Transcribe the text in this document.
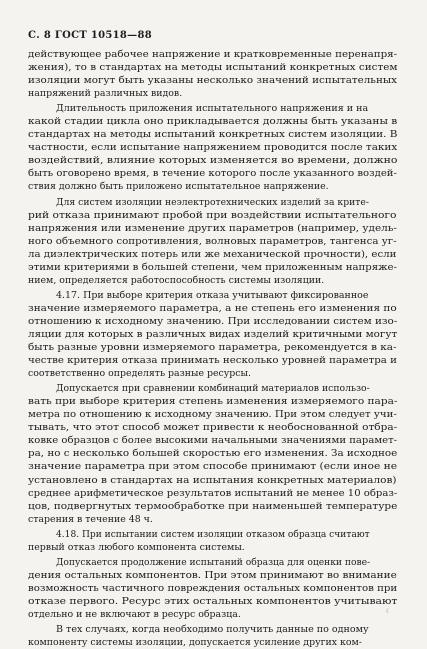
С. 8 ГОСТ 10518—88
действующее рабочее напряжение и кратковременные перенапря-
жения), то в стандартах на методы испытаний конкретных систем
изоляции могут быть указаны несколько значений испытательных
напряжений различных видов.
Длительность приложения испытательного напряжения и на
какой стадии цикла оно прикладывается должны быть указаны в
стандартах на методы испытаний конкретных систем изоляции. В
частности, если испытание напряжением проводится после таких
воздействий, влияние которых изменяется во времени, должно
быть оговорено время, в течение которого после указанного воздей-
ствия должно быть приложено испытательное напряжение.
Для систем изоляции неэлектротехнических изделий за крите-
рий отказа принимают пробой при воздействии испытательного
напряжения или изменение других параметров (например, удель-
ного объемного сопротивления, волновых параметров, тангенса уг-
ла диэлектрических потерь или же механической прочности), если
этими критериями в большей степени, чем приложенным напряже-
нием, определяется работоспособность системы изоляции.
4.17. При выборе критерия отказа учитывают фиксированное
значение измеряемого параметра, а не степень его изменения по
отношению к исходному значению. При исследовании систем изо-
ляции для которых в различных видах изделий критичными могут
быть разные уровни измеряемого параметра, рекомендуется в ка-
честве критерия отказа принимать несколько уровней параметра и
соответственно определять разные ресурсы.
Допускается при сравнении комбинаций материалов использо-
вать при выборе критерия степень изменения измеряемого пара-
метра по отношению к исходному значению. При этом следует учи-
тывать, что этот способ может привести к необоснованной отбра-
ковке образцов с более высокими начальными значениями парамет-
ра, но с несколько большей скоростью его изменения. За исходное
значение параметра при этом способе принимают (если иное не
установлено в стандартах на испытания конкретных материалов)
среднее арифметическое результатов испытаний не менее 10 образ-
цов, подвергнутых термообработке при наименьшей температуре
старения в течение 48 ч.
4.18. При испытании систем изоляции отказом образца считают
первый отказ любого компонента системы.
Допускается продолжение испытаний образца для оценки пове-
дения остальных компонентов. При этом принимают во внимание
возможность частичного повреждения остальных компонентов при
отказе первого. Ресурс этих остальных компонентов учитывают
отдельно и не включают в ресурс образца.
В тех случаях, когда необходимо получить данные по одному
компоненту системы изоляции, допускается усиление других ком-
ℓ
